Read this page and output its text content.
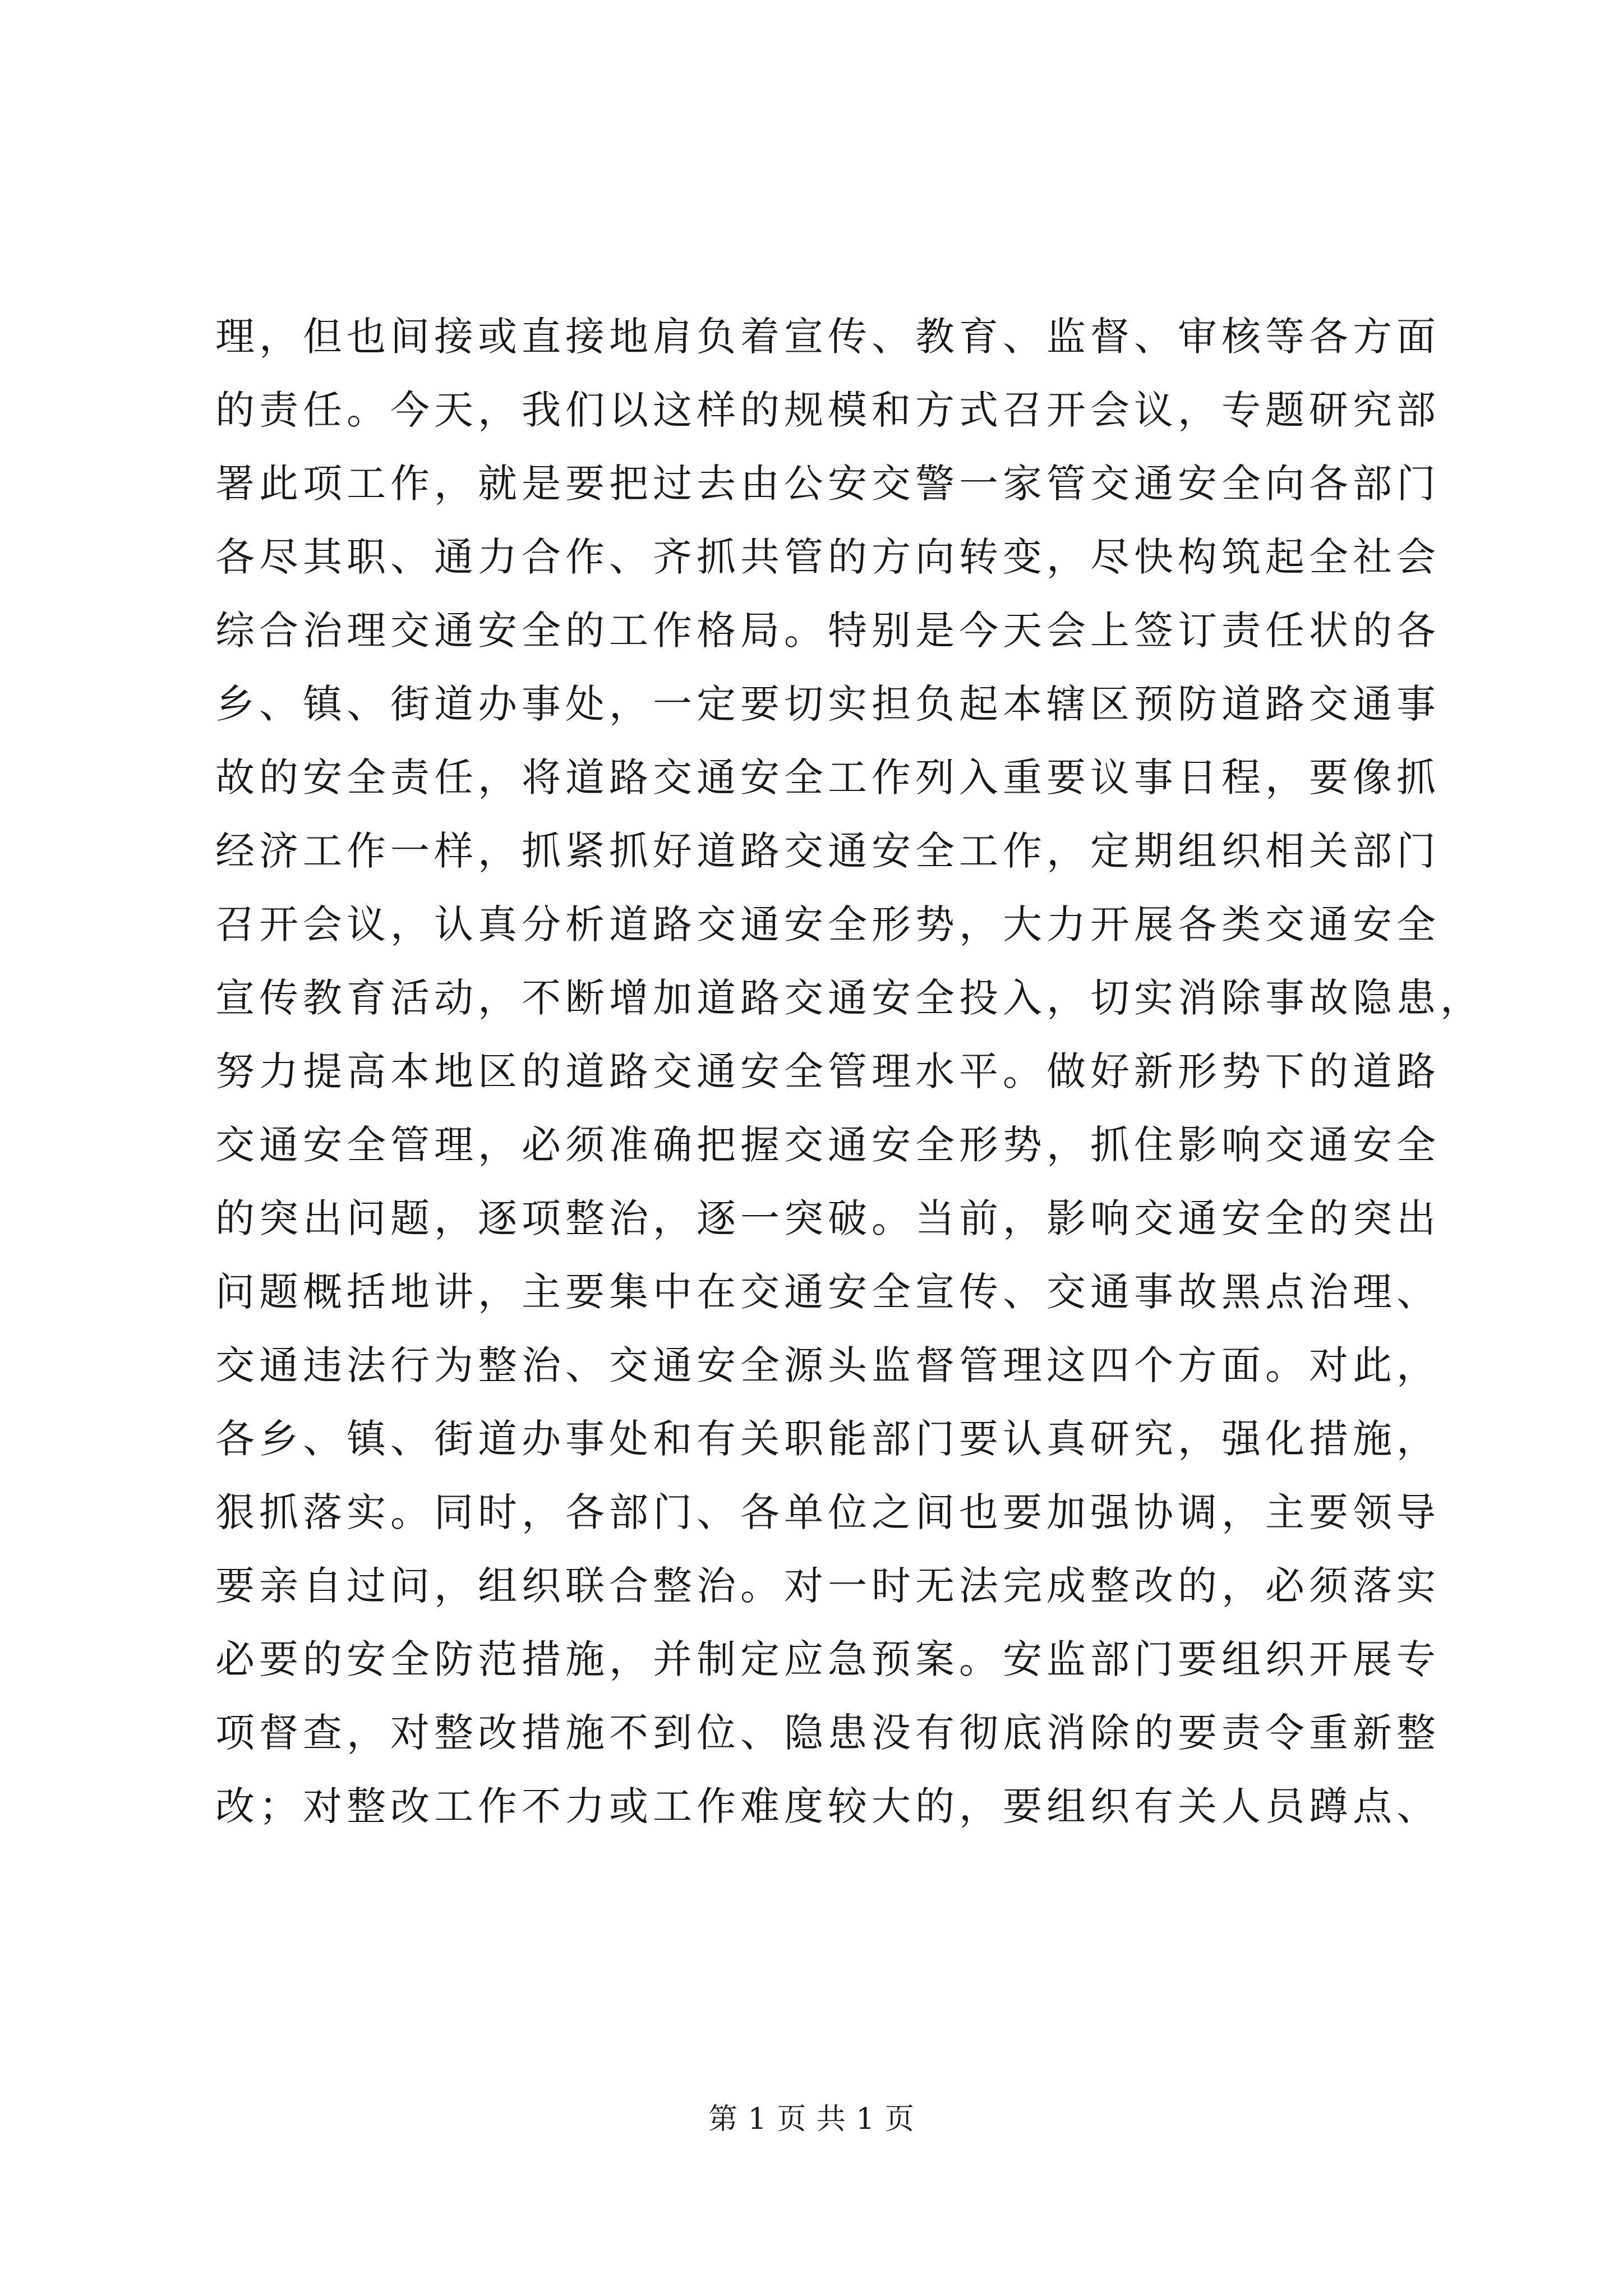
理，但也间接或直接地肩负着宣传、教育、监督、审核等各方面
的责任。今天，我们以这样的规模和方式召开会议，专题研究部
署此项工作，就是要把过去由公安交警一家管交通安全向各部门
各尽其职、通力合作、齐抓共管的方向转变，尽快构筑起全社会
综合治理交通安全的工作格局。特别是今天会上签订责任状的各
乡、镇、街道办事处，一定要切实担负起本辖区预防道路交通事
故的安全责任，将道路交通安全工作列入重要议事日程，要像抓
经济工作一样，抓紧抓好道路交通安全工作，定期组织相关部门
召开会议，认真分析道路交通安全形势，大力开展各类交通安全
宣传教育活动，不断增加道路交通安全投入，切实消除事故隐患，
努力提高本地区的道路交通安全管理水平。做好新形势下的道路
交通安全管理，必须准确把握交通安全形势，抓住影响交通安全
的突出问题，逐项整治，逐一突破。当前，影响交通安全的突出
问题概括地讲，主要集中在交通安全宣传、交通事故黑点治理、
交通违法行为整治、交通安全源头监督管理这四个方面。对此，
各乡、镇、街道办事处和有关职能部门要认真研究，强化措施，
狠抓落实。同时，各部门、各单位之间也要加强协调，主要领导
要亲自过问，组织联合整治。对一时无法完成整改的，必须落实
必要的安全防范措施，并制定应急预案。安监部门要组织开展专
项督查，对整改措施不到位、隐患没有彻底消除的要责令重新整
改；对整改工作不力或工作难度较大的，要组织有关人员蹲点、
第 1 页 共 1 页
